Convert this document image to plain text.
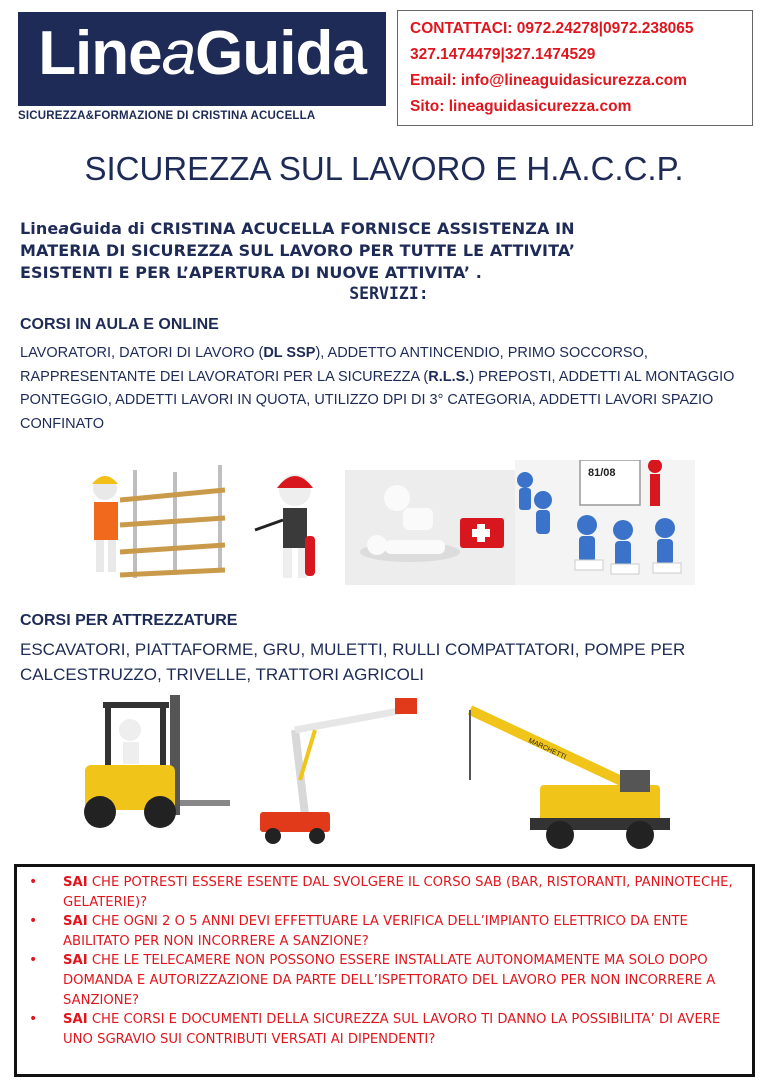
LineaGuida
SICUREZZA&FORMAZIONE DI CRISTINA ACUCELLA
CONTATTACI: 0972.24278|0972.238065
327.1474479|327.1474529
Email: info@lineaguidasicurezza.com
Sito: lineaguidasicurezza.com
SICUREZZA SUL LAVORO E H.A.C.C.P.
LineaGuida di CRISTINA ACUCELLA FORNISCE ASSISTENZA IN
MATERIA DI SICUREZZA SUL LAVORO PER TUTTE LE ATTIVITA’
ESISTENTI E PER L’APERTURA DI NUOVE ATTIVITA’ .
SERVIZI:
CORSI IN AULA E ONLINE
LAVORATORI, DATORI DI LAVORO (DL SSP), ADDETTO ANTINCENDIO, PRIMO SOCCORSO,
RAPPRESENTANTE DEI LAVORATORI PER LA SICUREZZA (R.L.S.) PREPOSTI, ADDETTI AL MONTAGGIO
PONTEGGIO, ADDETTI LAVORI IN QUOTA, UTILIZZO DPI DI 3° CATEGORIA, ADDETTI LAVORI SPAZIO
CONFINATO
81/08
CORSI PER ATTREZZATURE
ESCAVATORI, PIATTAFORME, GRU, MULETTI, RULLI COMPATTATORI, POMPE PER
CALCESTRUZZO, TRIVELLE, TRATTORI AGRICOLI
MARCHETTI
• SAI CHE POTRESTI ESSERE ESENTE DAL SVOLGERE IL CORSO SAB (BAR, RISTORANTI, PANINOTECHE, GELATERIE)?
• SAI CHE OGNI 2 O 5 ANNI DEVI EFFETTUARE LA VERIFICA DELL’IMPIANTO ELETTRICO DA ENTE ABILITATO PER NON INCORRERE A SANZIONE?
• SAI CHE LE TELECAMERE NON POSSONO ESSERE INSTALLATE AUTONOMAMENTE MA SOLO DOPO DOMANDA E AUTORIZZAZIONE DA PARTE DELL’ISPETTORATO DEL LAVORO PER NON INCORRERE A SANZIONE?
• SAI CHE CORSI E DOCUMENTI DELLA SICUREZZA SUL LAVORO TI DANNO LA POSSIBILITA’ DI AVERE UNO SGRAVIO SUI CONTRIBUTI VERSATI AI DIPENDENTI?
